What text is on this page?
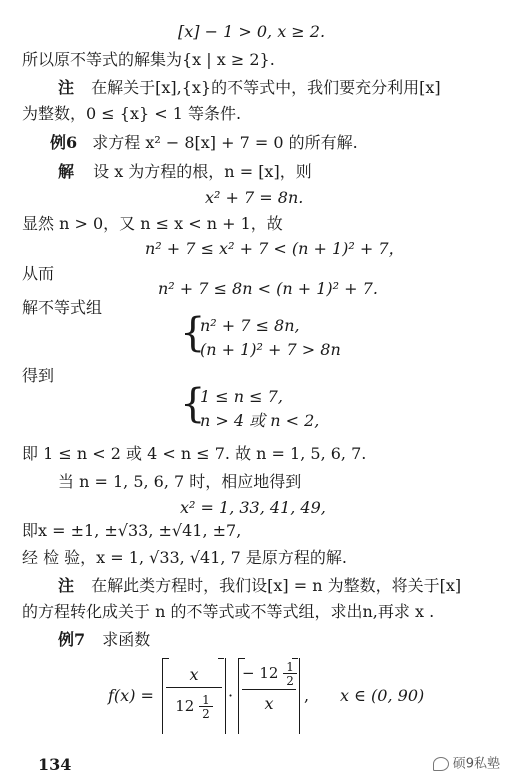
[x] − 1 > 0, x ≥ 2.
所以原不等式的解集为{x | x ≥ 2}.
注 在解关于[x],{x}的不等式中，我们要充分利用[x]
为整数，0 ≤ {x} < 1 等条件.
例6 求方程 x² − 8[x] + 7 = 0 的所有解.
解 设 x 为方程的根，n = [x]，则
x² + 7 = 8n.
显然 n > 0，又 n ≤ x < n + 1，故
n² + 7 ≤ x² + 7 < (n + 1)² + 7，
从而
n² + 7 ≤ 8n < (n + 1)² + 7.
解不等式组
{
n² + 7 ≤ 8n,
(n + 1)² + 7 > 8n
得到
{
1 ≤ n ≤ 7,
n > 4 或 n < 2,
即 1 ≤ n < 2 或 4 < n ≤ 7. 故 n = 1, 5, 6, 7.
当 n = 1, 5, 6, 7 时，相应地得到
x² = 1, 33, 41, 49,
即x = ±1, ±√33, ±√41, ±7,
经 检 验，x = 1, √33, √41, 7 是原方程的解.
注 在解此类方程时，我们设[x] = n 为整数，将关于[x]
的方程转化成关于 n 的不等式或不等式组，求出n,再求 x .
例7 求函数
$f(x) = \frac{x}{12 \frac{1}{2}} \cdot \frac{- 12 \frac{1}{2}}{x}$ , x ∈ (0, 90)
134	硕9私塾
